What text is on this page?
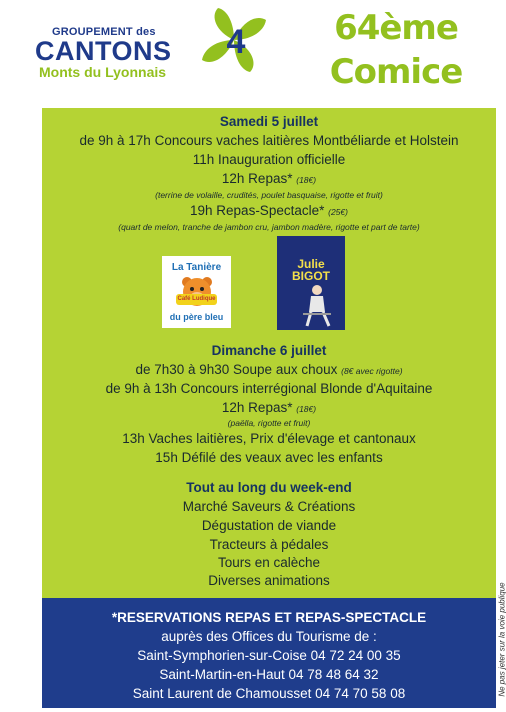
GROUPEMENT des
CANTONS
Monts du Lyonnais
4	64ème
Comice
Samedi 5 juillet
de 9h à 17h Concours vaches laitières Montbéliarde et Holstein
11h Inauguration officielle
12h Repas* (18€)
(terrine de volaille, crudités, poulet basquaise, rigotte et fruit)
19h Repas-Spectacle* (25€)
(quart de melon, tranche de jambon cru, jambon madère, rigotte et part de tarte)
La Tanière
Café Ludique
du père bleu
Julie
BIGOT
Dimanche 6 juillet
de 7h30 à 9h30 Soupe aux choux (8€ avec rigotte)
de 9h à 13h Concours interrégional Blonde d'Aquitaine
12h Repas* (18€)
(paëlla, rigotte et fruit)
13h Vaches laitières, Prix d'élevage et cantonaux
15h Défilé des veaux avec les enfants
Tout au long du week-end
Marché Saveurs & Créations
Dégustation de viande
Tracteurs à pédales
Tours en calèche
Diverses animations
*RESERVATIONS REPAS ET REPAS-SPECTACLE
auprès des Offices du Tourisme de :
Saint-Symphorien-sur-Coise 04 72 24 00 35
Saint-Martin-en-Haut 04 78 48 64 32
Saint Laurent de Chamousset 04 74 70 58 08	Ne pas jeter sur la voie publique
